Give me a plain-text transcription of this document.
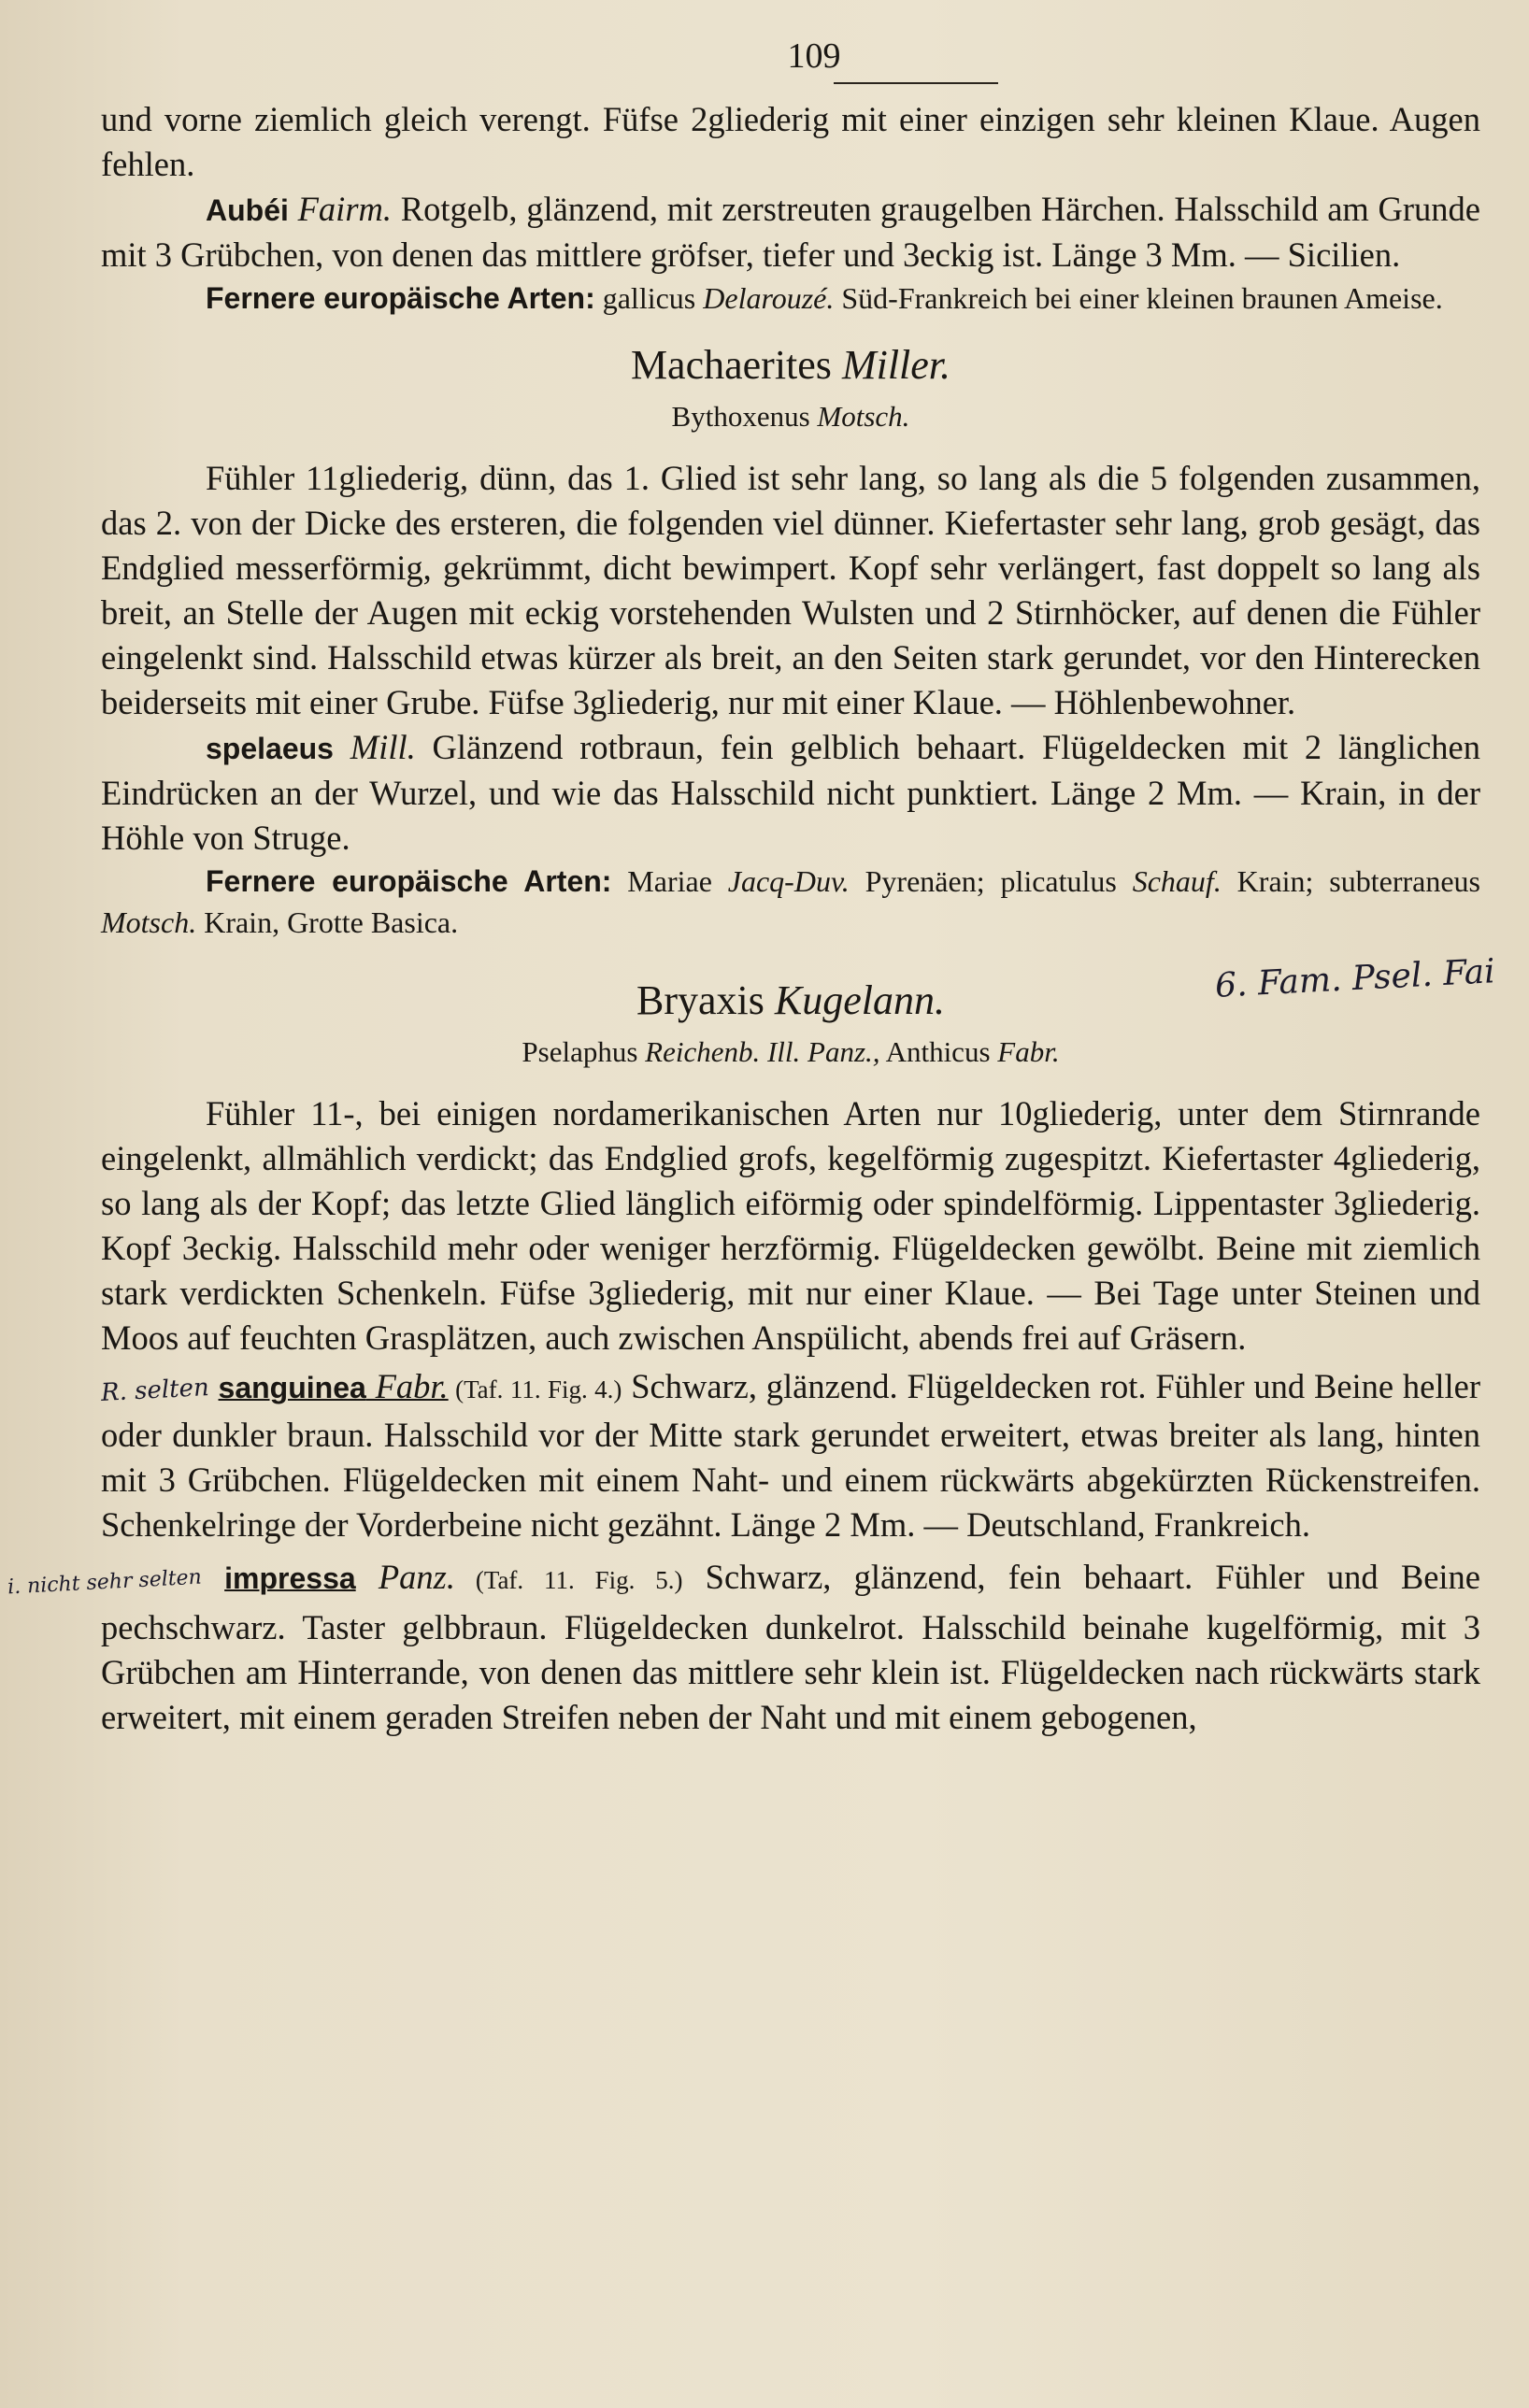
109

und vorne ziemlich gleich verengt. Füfse 2gliederig mit einer einzigen sehr kleinen Klaue. Augen fehlen.

Aubéi Fairm. Rotgelb, glänzend, mit zerstreuten graugelben Härchen. Halsschild am Grunde mit 3 Grübchen, von denen das mittlere gröfser, tiefer und 3eckig ist. Länge 3 Mm. — Sicilien.

Fernere europäische Arten: gallicus Delarouzé. Süd-Frankreich bei einer kleinen braunen Ameise.

Machaerites Miller.
Bythoxenus Motsch.

Fühler 11gliederig, dünn, das 1. Glied ist sehr lang, so lang als die 5 folgenden zusammen, das 2. von der Dicke des ersteren, die folgenden viel dünner. Kiefertaster sehr lang, grob gesägt, das Endglied messerförmig, gekrümmt, dicht bewimpert. Kopf sehr verlängert, fast doppelt so lang als breit, an Stelle der Augen mit eckig vorstehenden Wulsten und 2 Stirnhöcker, auf denen die Fühler eingelenkt sind. Halsschild etwas kürzer als breit, an den Seiten stark gerundet, vor den Hinterecken beiderseits mit einer Grube. Füfse 3gliederig, nur mit einer Klaue. — Höhlenbewohner.

spelaeus Mill. Glänzend rotbraun, fein gelblich behaart. Flügeldecken mit 2 länglichen Eindrücken an der Wurzel, und wie das Halsschild nicht punktiert. Länge 2 Mm. — Krain, in der Höhle von Struge.

Fernere europäische Arten: Mariae Jacq-Duv. Pyrenäen; plicatulus Schauf. Krain; subterraneus Motsch. Krain, Grotte Basica.

Bryaxis Kugelann.	6. Fam. Psel. Fai
Pselaphus Reichenb. Ill. Panz., Anthicus Fabr.

Fühler 11-, bei einigen nordamerikanischen Arten nur 10gliederig, unter dem Stirnrande eingelenkt, allmählich verdickt; das Endglied grofs, kegelförmig zugespitzt. Kiefertaster 4gliederig, so lang als der Kopf; das letzte Glied länglich eiförmig oder spindelförmig. Lippentaster 3gliederig. Kopf 3eckig. Halsschild mehr oder weniger herzförmig. Flügeldecken gewölbt. Beine mit ziemlich stark verdickten Schenkeln. Füfse 3gliederig, mit nur einer Klaue. — Bei Tage unter Steinen und Moos auf feuchten Grasplätzen, auch zwischen Anspülicht, abends frei auf Gräsern.

R. selten sanguinea Fabr. (Taf. 11. Fig. 4.) Schwarz, glänzend. Flügeldecken rot. Fühler und Beine heller oder dunkler braun. Halsschild vor der Mitte stark gerundet erweitert, etwas breiter als lang, hinten mit 3 Grübchen. Flügeldecken mit einem Naht- und einem rückwärts abgekürzten Rückenstreifen. Schenkelringe der Vorderbeine nicht gezähnt. Länge 2 Mm. — Deutschland, Frankreich.

i. nicht sehr selten impressa Panz. (Taf. 11. Fig. 5.) Schwarz, glänzend, fein behaart. Fühler und Beine pechschwarz. Taster gelbbraun. Flügeldecken dunkelrot. Halsschild beinahe kugelförmig, mit 3 Grübchen am Hinterrande, von denen das mittlere sehr klein ist. Flügeldecken nach rückwärts stark erweitert, mit einem geraden Streifen neben der Naht und mit einem gebogenen,
